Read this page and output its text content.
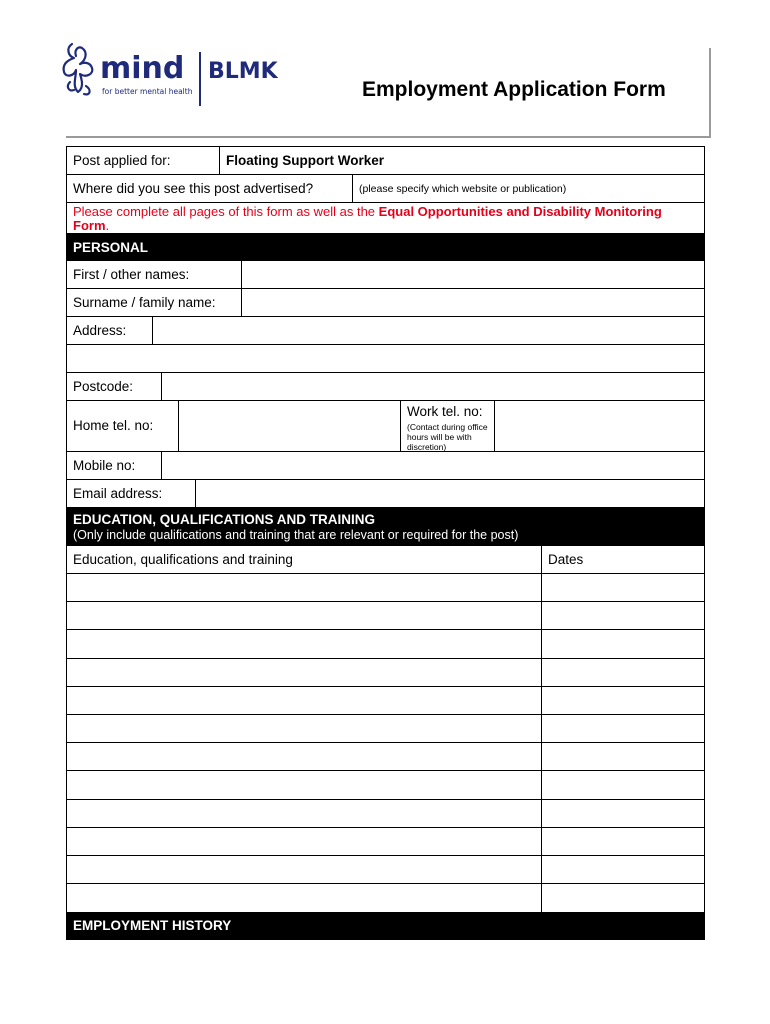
mind BLMK
for better mental health	Employment Application Form
Post applied for:	Floating Support Worker
Where did you see this post advertised?	(please specify which website or publication)
Please complete all pages of this form as well as the Equal Opportunities and Disability Monitoring Form.
PERSONAL
First / other names:
Surname / family name:
Address:
Postcode:
Home tel. no:
Work tel. no:
(Contact during office hours will be with discretion)
Mobile no:
Email address:
EDUCATION, QUALIFICATIONS AND TRAINING
(Only include qualifications and training that are relevant or required for the post)
Education, qualifications and training	Dates
EMPLOYMENT HISTORY
